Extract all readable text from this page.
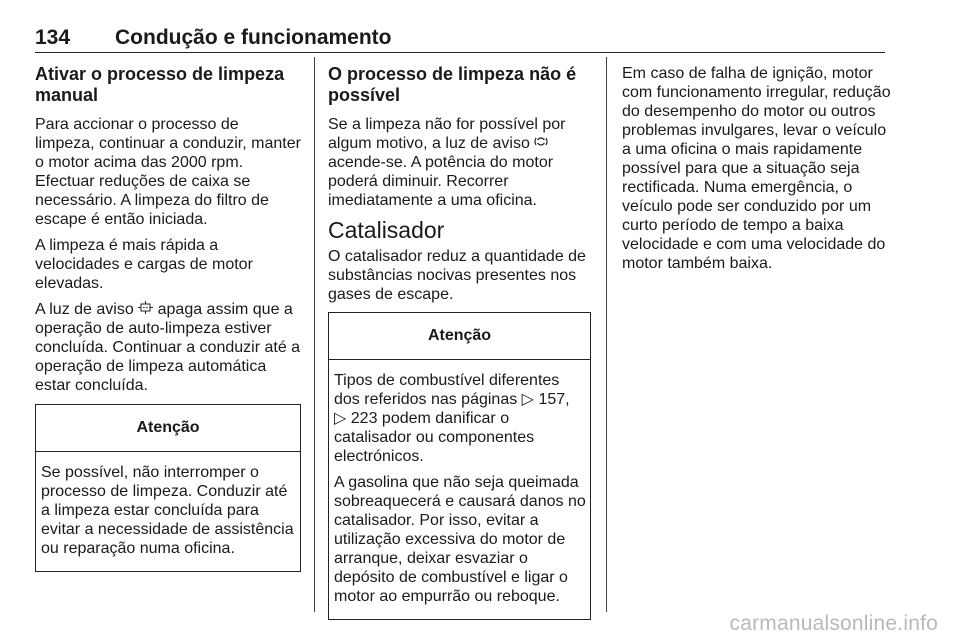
134 Condução e funcionamento
Ativar o processo de limpeza manual

Para accionar o processo de limpeza, continuar a conduzir, manter o motor acima das 2000 rpm. Efectuar reduções de caixa se necessário. A limpeza do filtro de escape é então iniciada.

A limpeza é mais rápida a velocidades e cargas de motor elevadas.

A luz de aviso  apaga assim que a operação de auto-limpeza estiver concluída. Continuar a conduzir até a operação de limpeza automática estar concluída.

Atenção

Se possível, não interromper o processo de limpeza. Conduzir até a limpeza estar concluída para evitar a necessidade de assistência ou reparação numa oficina.

O processo de limpeza não é possível

Se a limpeza não for possível por algum motivo, a luz de aviso  acende-se. A potência do motor poderá diminuir. Recorrer imediatamente a uma oficina.

Catalisador

O catalisador reduz a quantidade de substâncias nocivas presentes nos gases de escape.

Atenção

Tipos de combustível diferentes dos referidos nas páginas ▷ 157, ▷ 223 podem danificar o catalisador ou componentes electrónicos.

A gasolina que não seja queimada sobreaquecerá e causará danos no catalisador. Por isso, evitar a utilização excessiva do motor de arranque, deixar esvaziar o depósito de combustível e ligar o motor ao empurrão ou reboque.

Em caso de falha de ignição, motor com funcionamento irregular, redução do desempenho do motor ou outros problemas invulgares, levar o veículo a uma oficina o mais rapidamente possível para que a situação seja rectificada. Numa emergência, o veículo pode ser conduzido por um curto período de tempo a baixa velocidade e com uma velocidade do motor também baixa.

carmanualsonline.info
